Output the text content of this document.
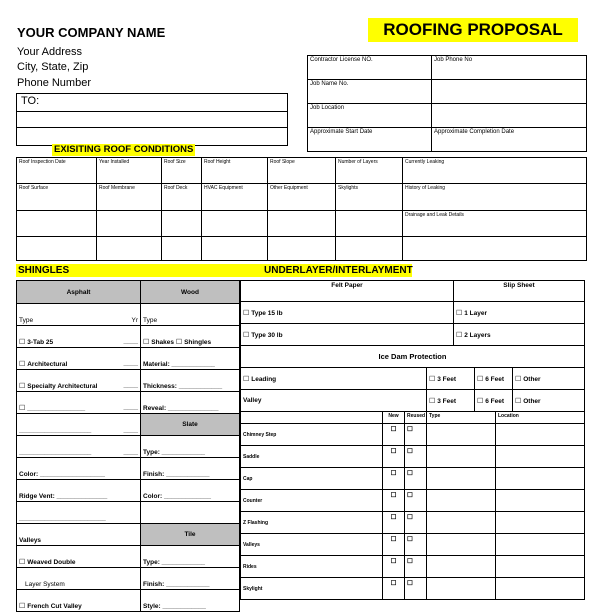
YOUR COMPANY NAME	ROOFING PROPOSAL
Your Address
City, State, Zip
Phone Number
TO:

Contractor License NO.	Job Phone No
Job Name No.	
Job Location	
Approximate Start Date	Approximate Completion Date
EXISITING ROOF CONDITIONS
Roof Inspection Date	Year Installed	Roof Size	Roof Height	Roof Slope	Number of Layers	Currently Leaking
Roof Surface	Roof Membrane	Roof Deck	HVAC Equipment	Other Equipment	Skylights	History of Leaking
						Drainage and Leak Details

SHINGLES	UNDERLAYER/INTERLAYMENT
Asphalt	Wood
Type Yr	Type
☐ 3-Tab 25 ____	☐ Shakes ☐ Shingles
☐ Architectural ____	Material: ____________
☐ Specialty Architectural ____	Thickness: ____________
☐ ________________ ____	Reveal: ______________
____________________ ____	Slate
____________________ ____	Type: ____________
Color: __________________	Finish: ____________
Ridge Vent: ______________	Color: _____________
________________________	
Valleys	Tile
☐ Weaved Double	Type: ____________
Layer System	Finish: ____________
☐ French Cut Valley	Style: ____________
Felt Paper				Slip Sheet			
☐ Type 15 lb				☐ 1 Layer			
☐ Type 30 lb				☐ 2 Layers			
Ice Dam Protection							
☐ Leading			☐ 3 Feet		☐ 6 Feet		☐ Other
Valley			☐ 3 Feet		☐ 6 Feet		☐ Other
	New	Reused	Type			Location	
Chimney Step	☐	☐					
Saddle	☐	☐					
Cap	☐	☐					
Counter	☐	☐					
Z Flashing	☐	☐					
Valleys	☐	☐					
Rides	☐	☐					
Skylight	☐	☐					
